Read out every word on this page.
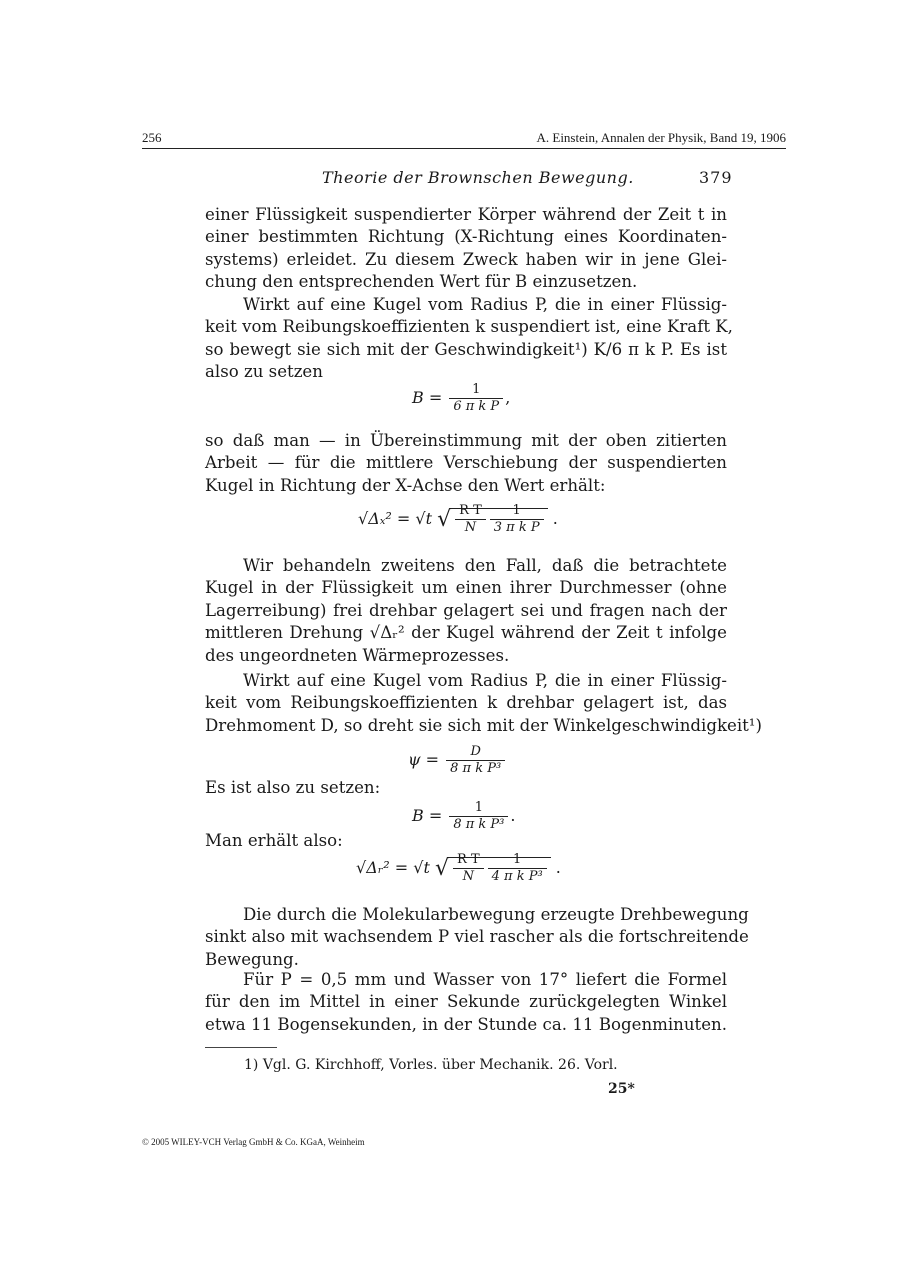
256	A. Einstein, Annalen der Physik, Band 19, 1906
Theorie der Brownschen Bewegung.	379
einer Flüssigkeit suspendierter Körper während der Zeit t in
einer bestimmten Richtung (X-Richtung eines Koordinaten-
systems) erleidet. Zu diesem Zweck haben wir in jene Glei-
chung den entsprechenden Wert für B einzusetzen.
Wirkt auf eine Kugel vom Radius P, die in einer Flüssig-
keit vom Reibungskoeffizienten k suspendiert ist, eine Kraft K,
so bewegt sie sich mit der Geschwindigkeit¹) K/6 π k P. Es ist
also zu setzen
$B = \frac{1}{\text{6 π k P}}$ ,
so daß man — in Übereinstimmung mit der oben zitierten
Arbeit — für die mittlere Verschiebung der suspendierten
Kugel in Richtung der X-Achse den Wert erhält:
√Δₓ² = √t √ $\frac{\text{R T}}{N} \frac{1}{\text{3 π k P}}$ .
Wir behandeln zweitens den Fall, daß die betrachtete
Kugel in der Flüssigkeit um einen ihrer Durchmesser (ohne
Lagerreibung) frei drehbar gelagert sei und fragen nach der
mittleren Drehung √Δᵣ² der Kugel während der Zeit t infolge
des ungeordneten Wärmeprozesses.
Wirkt auf eine Kugel vom Radius P, die in einer Flüssig-
keit vom Reibungskoeffizienten k drehbar gelagert ist, das
Drehmoment D, so dreht sie sich mit der Winkelgeschwindigkeit¹)
$\psi = \frac{D}{\text{8 π k P³}}$
Es ist also zu setzen:
$B = \frac{1}{\text{8 π k P³}}$ .
Man erhält also:
√Δᵣ² = √t √ $\frac{\text{R T}}{N} \frac{1}{\text{4 π k P³}}$ .
Die durch die Molekularbewegung erzeugte Drehbewegung
sinkt also mit wachsendem P viel rascher als die fortschreitende
Bewegung.
Für P = 0,5 mm und Wasser von 17° liefert die Formel
für den im Mittel in einer Sekunde zurückgelegten Winkel
etwa 11 Bogensekunden, in der Stunde ca. 11 Bogenminuten.
1) Vgl. G. Kirchhoff, Vorles. über Mechanik. 26. Vorl.
25*
© 2005 WILEY-VCH Verlag GmbH & Co. KGaA, Weinheim
